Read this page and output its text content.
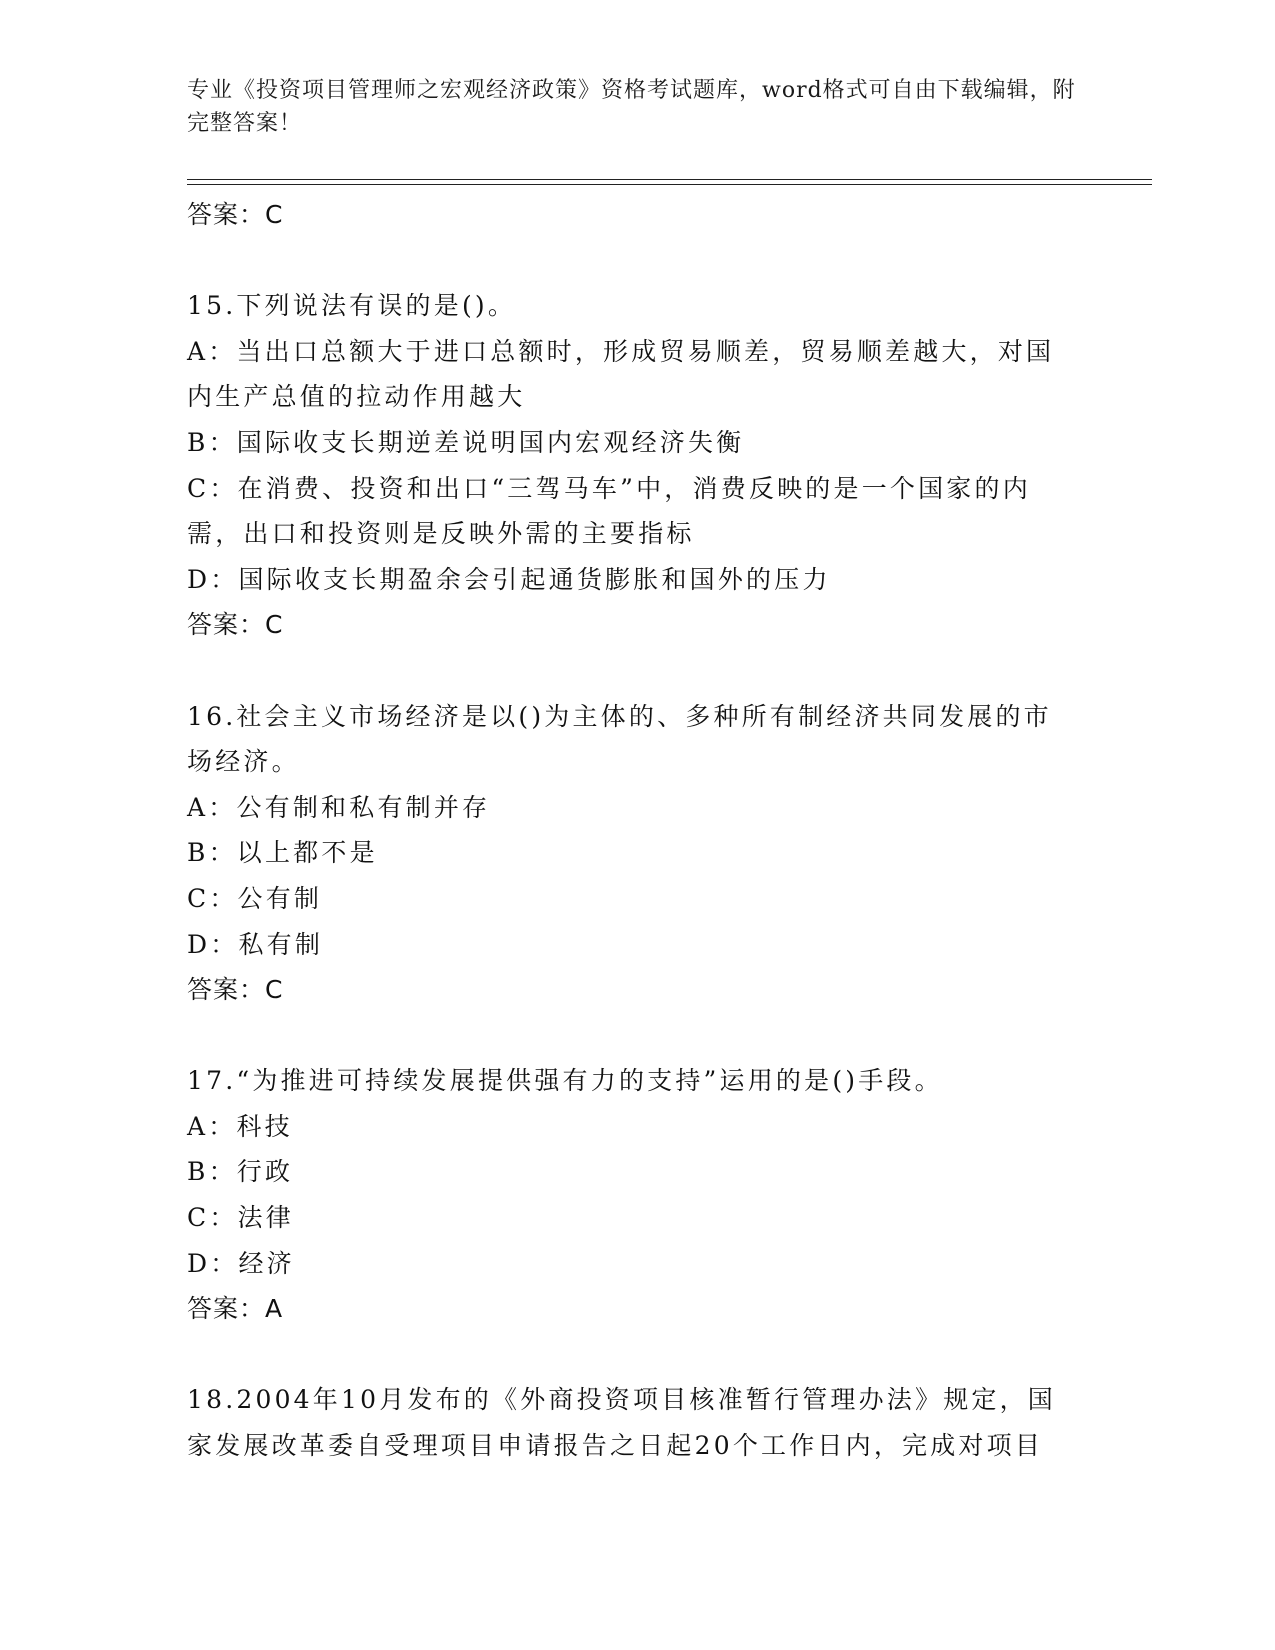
专业《投资项目管理师之宏观经济政策》资格考试题库，word格式可自由下载编辑，附完整答案！
答案：C
15.下列说法有误的是()。
A：当出口总额大于进口总额时，形成贸易顺差，贸易顺差越大，对国
内生产总值的拉动作用越大
B：国际收支长期逆差说明国内宏观经济失衡
C：在消费、投资和出口“三驾马车”中，消费反映的是一个国家的内
需，出口和投资则是反映外需的主要指标
D：国际收支长期盈余会引起通货膨胀和国外的压力
答案：C
16.社会主义市场经济是以()为主体的、多种所有制经济共同发展的市
场经济。
A：公有制和私有制并存
B：以上都不是
C：公有制
D：私有制
答案：C
17.“为推进可持续发展提供强有力的支持”运用的是()手段。
A：科技
B：行政
C：法律
D：经济
答案：A
18.2004年10月发布的《外商投资项目核准暂行管理办法》规定，国
家发展改革委自受理项目申请报告之日起20个工作日内，完成对项目
